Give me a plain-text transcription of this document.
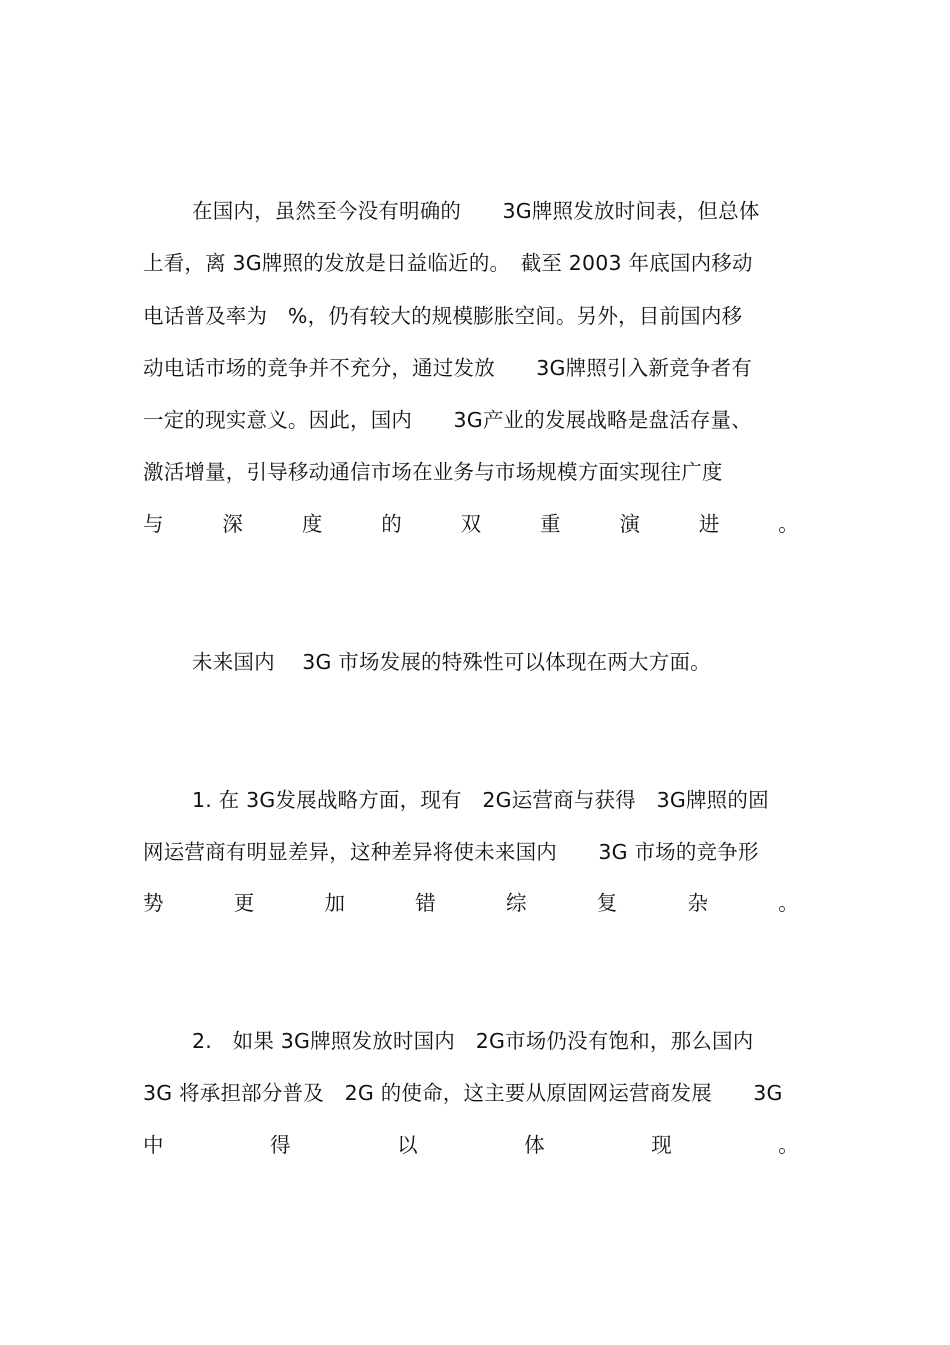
在国内，虽然至今没有明确的　　3G牌照发放时间表，但总体
上看，离 3G牌照的发放是日益临近的。　截至 2003 年底国内移动
电话普及率为　%，仍有较大的规模膨胀空间。另外，目前国内移
动电话市场的竞争并不充分，通过发放　　3G牌照引入新竞争者有
一定的现实意义。因此，国内　　3G产业的发展战略是盘活存量、
激活增量，引导移动通信市场在业务与市场规模方面实现往广度
与	深	度	的	双	重	演	进	。
未来国内　 3G 市场发展的特殊性可以体现在两大方面。
1. 在 3G发展战略方面，现有　2G运营商与获得　3G牌照的固
网运营商有明显差异，这种差异将使未来国内　　3G 市场的竞争形
势	更	加	错	综	复	杂	。
2.　如果 3G牌照发放时国内　2G市场仍没有饱和，那么国内
3G 将承担部分普及　2G 的使命，这主要从原固网运营商发展　　3G
中	得	以	体	现	。
